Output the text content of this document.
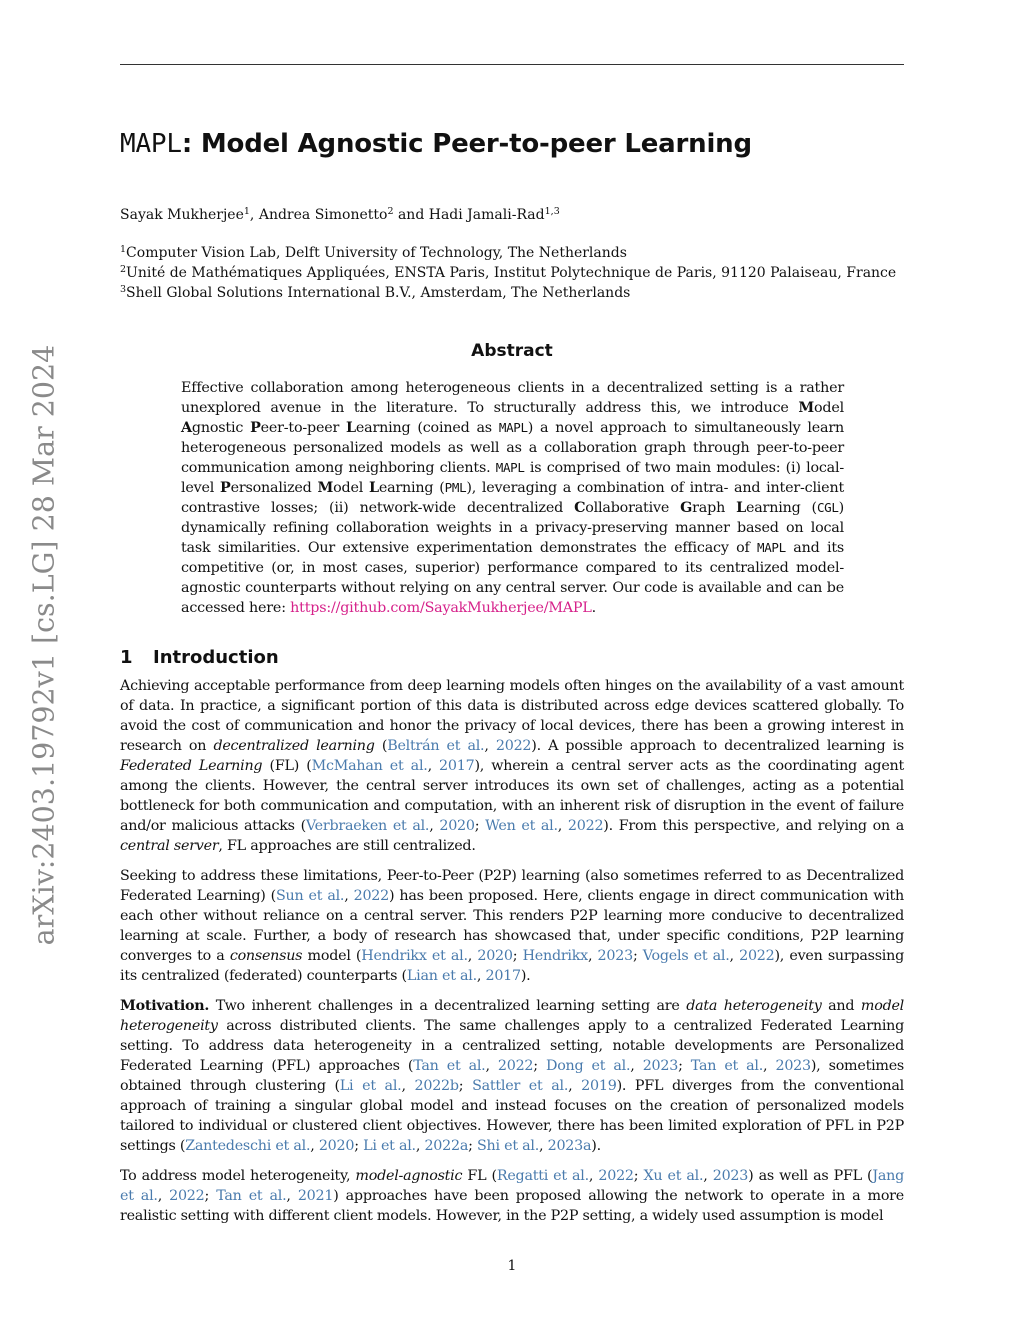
arXiv:2403.19792v1 [cs.LG] 28 Mar 2024
MAPL: Model Agnostic Peer-to-peer Learning
Sayak Mukherjee$^1$, Andrea Simonetto$^2$ and Hadi Jamali-Rad$^{1,3}$
$^1$Computer Vision Lab, Delft University of Technology, The Netherlands
$^2$Unité de Mathématiques Appliquées, ENSTA Paris, Institut Polytechnique de Paris, 91120 Palaiseau, France
$^3$Shell Global Solutions International B.V., Amsterdam, The Netherlands
Abstract

Effective collaboration among heterogeneous clients in a decentralized setting is a rather unexplored avenue in the literature. To structurally address this, we introduce Model Agnostic Peer-to-peer Learning (coined as MAPL) a novel approach to simultaneously learn heterogeneous personalized models as well as a collaboration graph through peer-to-peer communication among neighboring clients. MAPL is comprised of two main modules: (i) local-level Personalized Model Learning (PML), leveraging a combination of intra- and inter-client contrastive losses; (ii) network-wide decentralized Collaborative Graph Learning (CGL) dynamically refining collaboration weights in a privacy-preserving manner based on local task similarities. Our extensive experimentation demonstrates the efficacy of MAPL and its competitive (or, in most cases, superior) performance compared to its centralized model-agnostic counterparts without relying on any central server. Our code is available and can be accessed here: https://github.com/SayakMukherjee/MAPL.

1 Introduction

Achieving acceptable performance from deep learning models often hinges on the availability of a vast amount of data. In practice, a significant portion of this data is distributed across edge devices scattered globally. To avoid the cost of communication and honor the privacy of local devices, there has been a growing interest in research on decentralized learning (Beltrán et al., 2022). A possible approach to decentralized learning is Federated Learning (FL) (McMahan et al., 2017), wherein a central server acts as the coordinating agent among the clients. However, the central server introduces its own set of challenges, acting as a potential bottleneck for both communication and computation, with an inherent risk of disruption in the event of failure and/or malicious attacks (Verbraeken et al., 2020; Wen et al., 2022). From this perspective, and relying on a central server, FL approaches are still centralized.

Seeking to address these limitations, Peer-to-Peer (P2P) learning (also sometimes referred to as Decentralized Federated Learning) (Sun et al., 2022) has been proposed. Here, clients engage in direct communication with each other without reliance on a central server. This renders P2P learning more conducive to decentralized learning at scale. Further, a body of research has showcased that, under specific conditions, P2P learning converges to a consensus model (Hendrikx et al., 2020; Hendrikx, 2023; Vogels et al., 2022), even surpassing its centralized (federated) counterparts (Lian et al., 2017).

Motivation. Two inherent challenges in a decentralized learning setting are data heterogeneity and model heterogeneity across distributed clients. The same challenges apply to a centralized Federated Learning setting. To address data heterogeneity in a centralized setting, notable developments are Personalized Federated Learning (PFL) approaches (Tan et al., 2022; Dong et al., 2023; Tan et al., 2023), sometimes obtained through clustering (Li et al., 2022b; Sattler et al., 2019). PFL diverges from the conventional approach of training a singular global model and instead focuses on the creation of personalized models tailored to individual or clustered client objectives. However, there has been limited exploration of PFL in P2P settings (Zantedeschi et al., 2020; Li et al., 2022a; Shi et al., 2023a).

To address model heterogeneity, model-agnostic FL (Regatti et al., 2022; Xu et al., 2023) as well as PFL (Jang et al., 2022; Tan et al., 2021) approaches have been proposed allowing the network to operate in a more realistic setting with different client models. However, in the P2P setting, a widely used assumption is model

1
